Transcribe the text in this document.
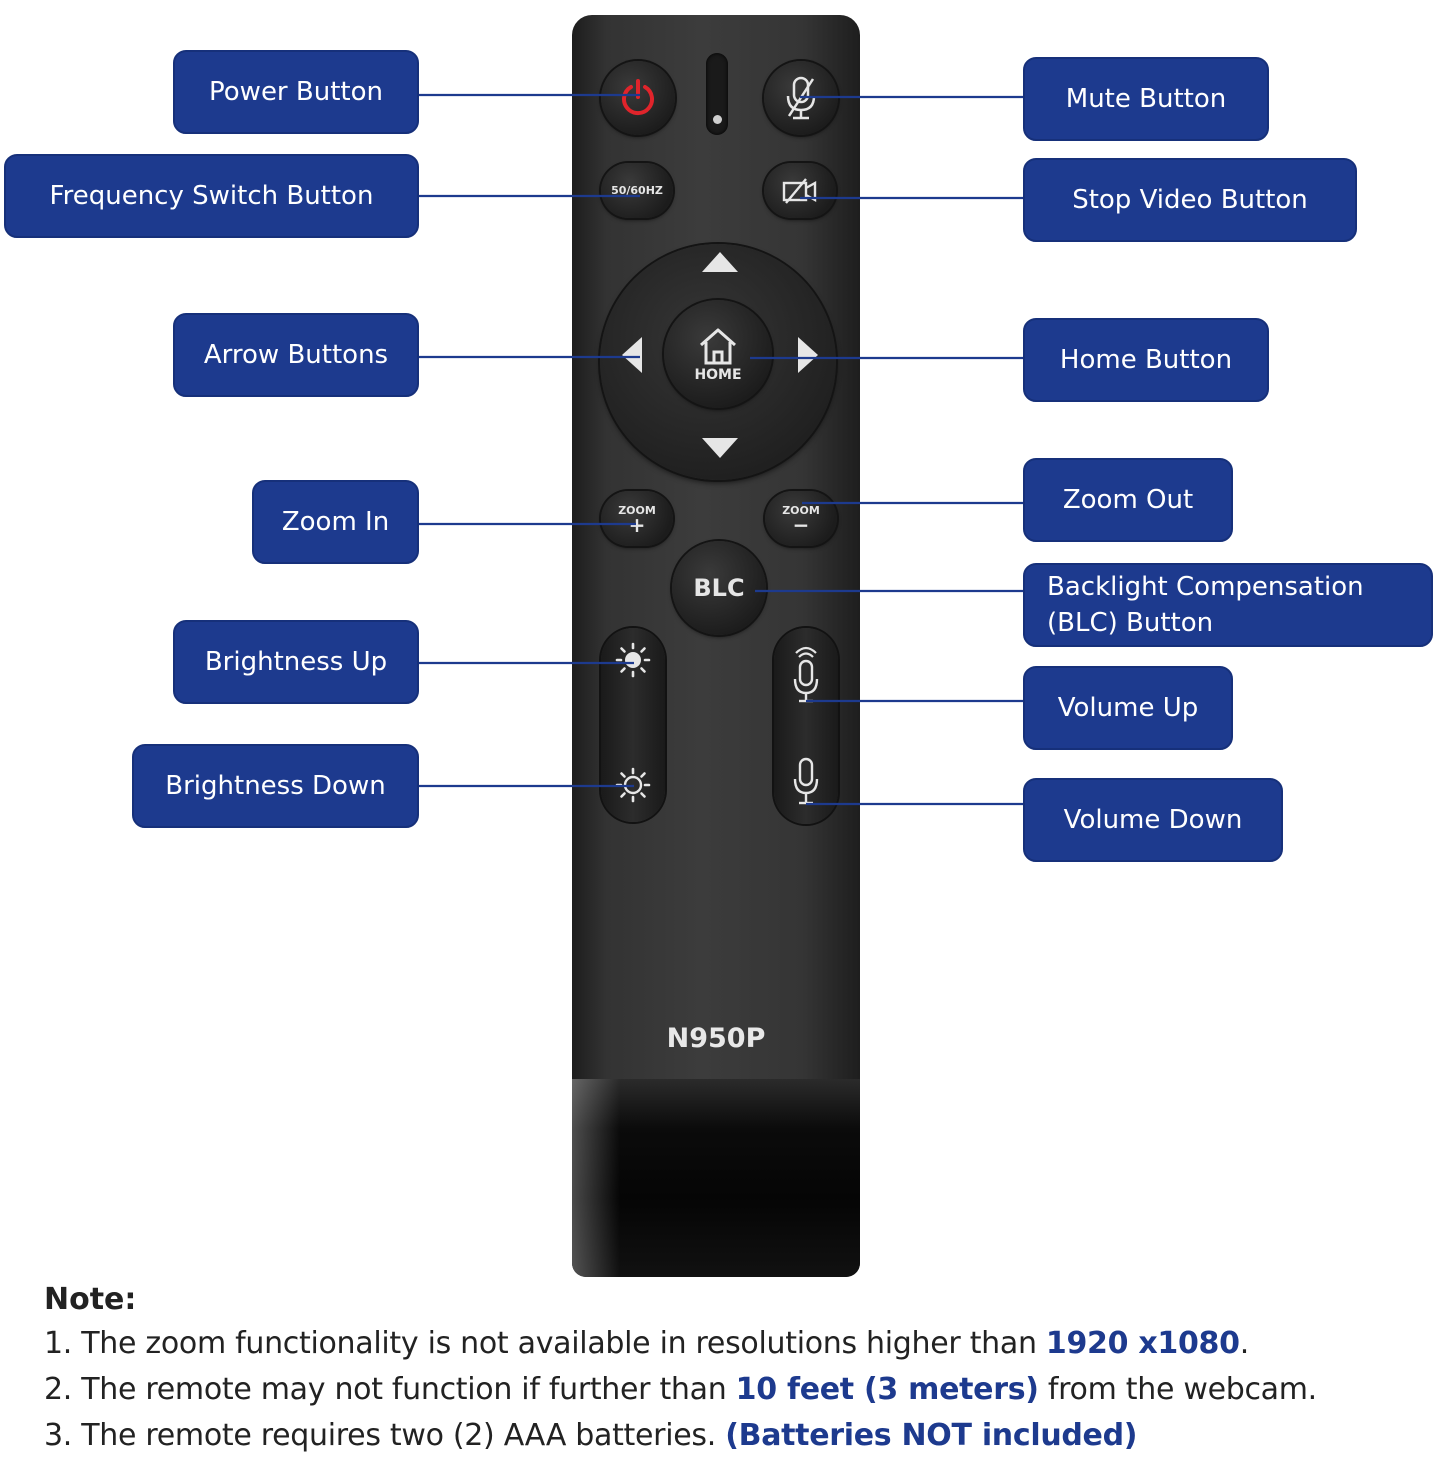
N950P
50/60HZ
HOME
ZOOM
+
ZOOM
−
BLC
Power Button
Frequency Switch Button
Arrow Buttons
Zoom In
Brightness Up
Brightness Down
Mute Button
Stop Video Button
Home Button
Zoom Out
Backlight Compensation
(BLC) Button
Volume Up
Volume Down
Note:
1. The zoom functionality is not available in resolutions higher than 1920 x1080.
2. The remote may not function if further than 10 feet (3 meters) from the webcam.
3. The remote requires two (2) AAA batteries. (Batteries NOT included)
